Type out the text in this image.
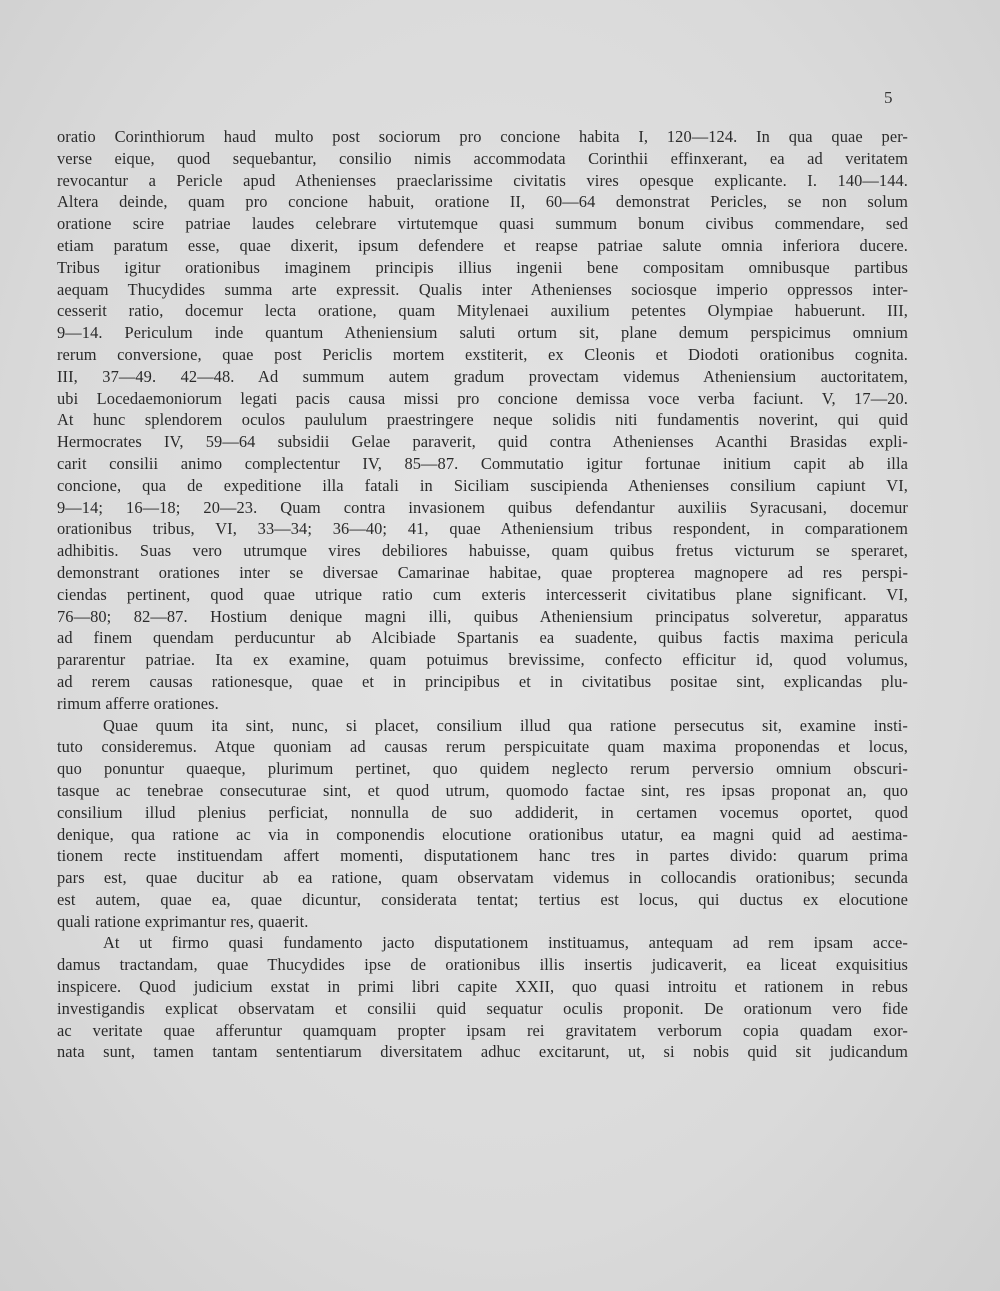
5

oratio Corinthiorum haud multo post sociorum pro concione habita I, 120—124. In qua quae per-
verse eique, quod sequebantur, consilio nimis accommodata Corinthii effinxerant, ea ad veritatem
revocantur a Pericle apud Athenienses praeclarissime civitatis vires opesque explicante. I. 140—144.
Altera deinde, quam pro concione habuit, oratione II, 60—64 demonstrat Pericles, se non solum
oratione scire patriae laudes celebrare virtutemque quasi summum bonum civibus commendare, sed
etiam paratum esse, quae dixerit, ipsum defendere et reapse patriae salute omnia inferiora ducere.
Tribus igitur orationibus imaginem principis illius ingenii bene compositam omnibusque partibus
aequam Thucydides summa arte expressit. Qualis inter Athenienses sociosque imperio oppressos inter-
cesserit ratio, docemur lecta oratione, quam Mitylenaei auxilium petentes Olympiae habuerunt. III,
9—14. Periculum inde quantum Atheniensium saluti ortum sit, plane demum perspicimus omnium
rerum conversione, quae post Periclis mortem exstiterit, ex Cleonis et Diodoti orationibus cognita.
III, 37—49. 42—48. Ad summum autem gradum provectam videmus Atheniensium auctoritatem,
ubi Locedaemoniorum legati pacis causa missi pro concione demissa voce verba faciunt. V, 17—20.
At hunc splendorem oculos paululum praestringere neque solidis niti fundamentis noverint, qui quid
Hermocrates IV, 59—64 subsidii Gelae paraverit, quid contra Athenienses Acanthi Brasidas expli-
carit consilii animo complectentur IV, 85—87. Commutatio igitur fortunae initium capit ab illa
concione, qua de expeditione illa fatali in Siciliam suscipienda Athenienses consilium capiunt VI,
9—14; 16—18; 20—23. Quam contra invasionem quibus defendantur auxiliis Syracusani, docemur
orationibus tribus, VI, 33—34; 36—40; 41, quae Atheniensium tribus respondent, in comparationem
adhibitis. Suas vero utrumque vires debiliores habuisse, quam quibus fretus victurum se speraret,
demonstrant orationes inter se diversae Camarinae habitae, quae propterea magnopere ad res perspi-
ciendas pertinent, quod quae utrique ratio cum exteris intercesserit civitatibus plane significant. VI,
76—80; 82—87. Hostium denique magni illi, quibus Atheniensium principatus solveretur, apparatus
ad finem quendam perducuntur ab Alcibiade Spartanis ea suadente, quibus factis maxima pericula
pararentur patriae. Ita ex examine, quam potuimus brevissime, confecto efficitur id, quod volumus,
ad rerem causas rationesque, quae et in principibus et in civitatibus positae sint, explicandas plu-
rimum afferre orationes.

Quae quum ita sint, nunc, si placet, consilium illud qua ratione persecutus sit, examine insti-
tuto consideremus. Atque quoniam ad causas rerum perspicuitate quam maxima proponendas et locus,
quo ponuntur quaeque, plurimum pertinet, quo quidem neglecto rerum perversio omnium obscuri-
tasque ac tenebrae consecuturae sint, et quod utrum, quomodo factae sint, res ipsas proponat an, quo
consilium illud plenius perficiat, nonnulla de suo addiderit, in certamen vocemus oportet, quod
denique, qua ratione ac via in componendis elocutione orationibus utatur, ea magni quid ad aestima-
tionem recte instituendam affert momenti, disputationem hanc tres in partes divido: quarum prima
pars est, quae ducitur ab ea ratione, quam observatam videmus in collocandis orationibus; secunda
est autem, quae ea, quae dicuntur, considerata tentat; tertius est locus, qui ductus ex elocutione
quali ratione exprimantur res, quaerit.

At ut firmo quasi fundamento jacto disputationem instituamus, antequam ad rem ipsam acce-
damus tractandam, quae Thucydides ipse de orationibus illis insertis judicaverit, ea liceat exquisitius
inspicere. Quod judicium exstat in primi libri capite XXII, quo quasi introitu et rationem in rebus
investigandis explicat observatam et consilii quid sequatur oculis proponit. De orationum vero fide
ac veritate quae afferuntur quamquam propter ipsam rei gravitatem verborum copia quadam exor-
nata sunt, tamen tantam sententiarum diversitatem adhuc excitarunt, ut, si nobis quid sit judicandum
